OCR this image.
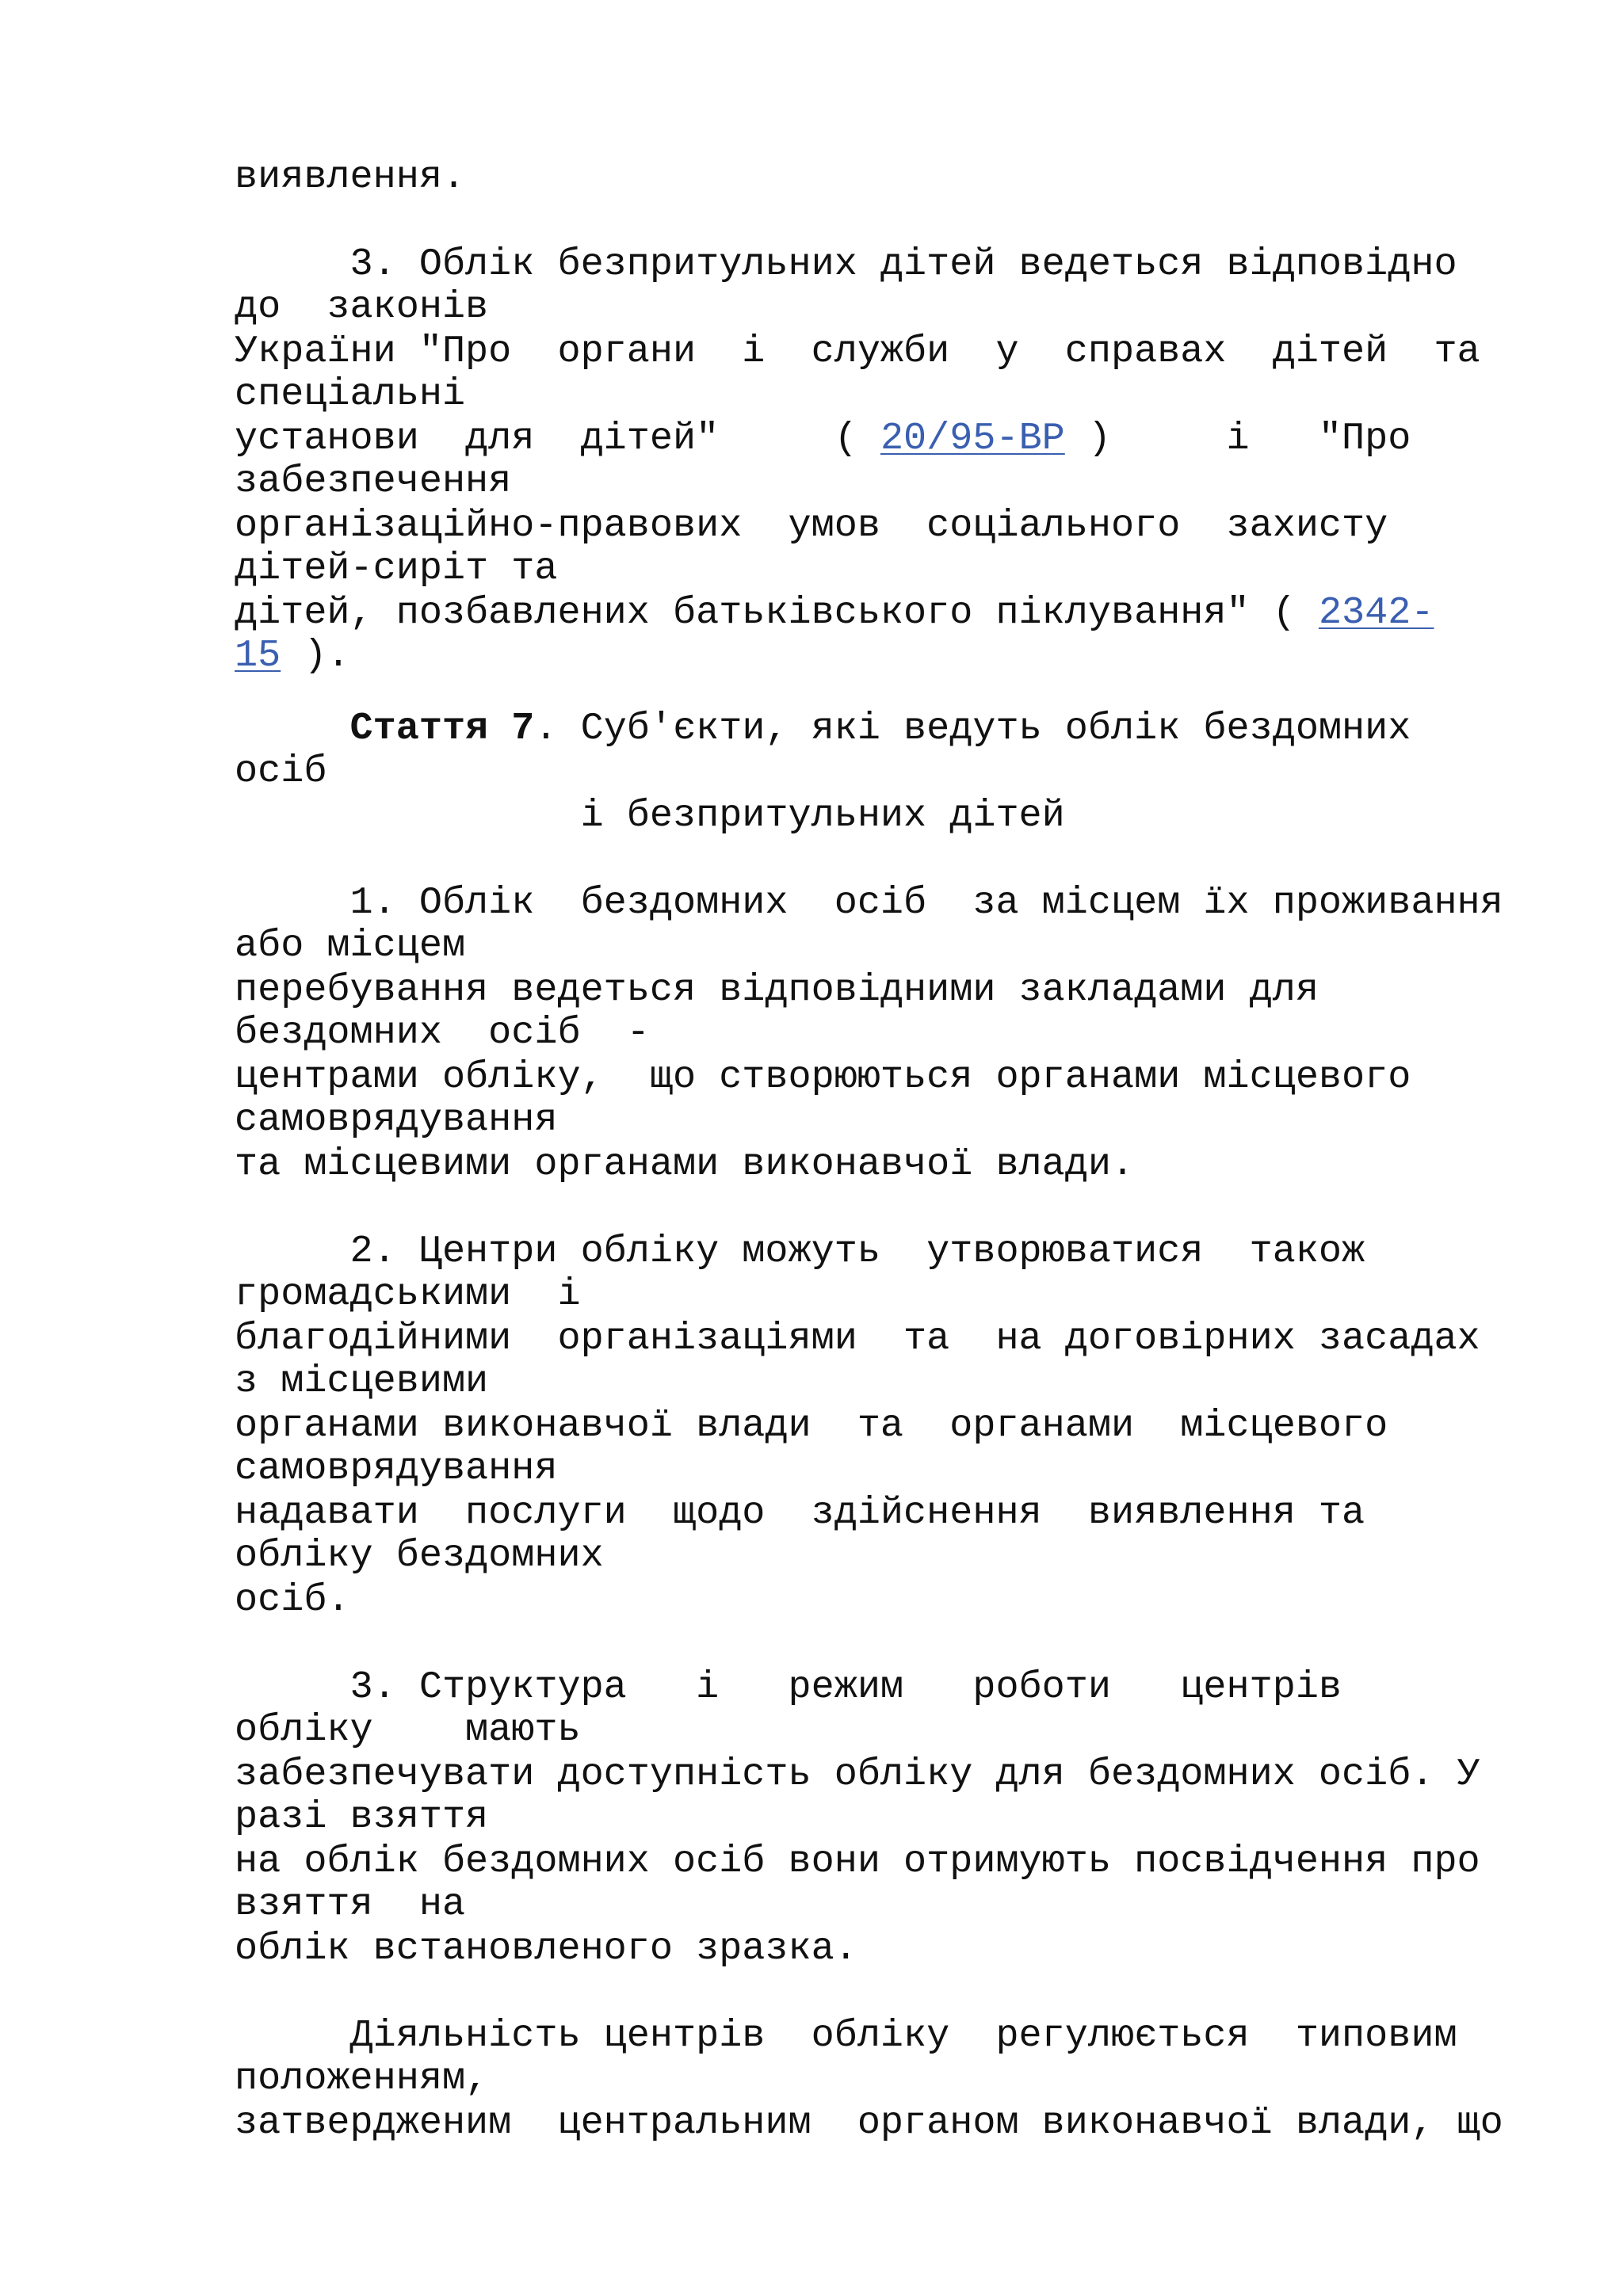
виявлення.

3. Облік безпритульних дітей ведеться відповідно

до  законів

України "Про  органи  і  служби  у  справах  дітей  та

спеціальні

установи  для  дітей"     ( 20/95-ВР )     і   "Про

забезпечення

організаційно-правових  умов  соціального  захисту

дітей-сиріт та

дітей, позбавлених батьківського піклування" ( 2342-

15 ).

Стаття 7. Суб'єкти, які ведуть облік бездомних

осіб

і безпритульних дітей

1. Облік  бездомних  осіб  за місцем їх проживання

або місцем

перебування ведеться відповідними закладами для

бездомних  осіб  -

центрами обліку,  що створюються органами місцевого

самоврядування

та місцевими органами виконавчої влади.

2. Центри обліку можуть  утворюватися  також

громадськими  і

благодійними  організаціями  та  на договірних засадах

з місцевими

органами виконавчої влади  та  органами  місцевого

самоврядування

надавати  послуги  щодо  здійснення  виявлення та

обліку бездомних

осіб.

3. Структура   і   режим   роботи   центрів

обліку    мають

забезпечувати доступність обліку для бездомних осіб. У

разі взяття

на облік бездомних осіб вони отримують посвідчення про

взяття  на

облік встановленого зразка.

Діяльність центрів  обліку  регулюється  типовим

положенням,

затвердженим  центральним  органом виконавчої влади, що
